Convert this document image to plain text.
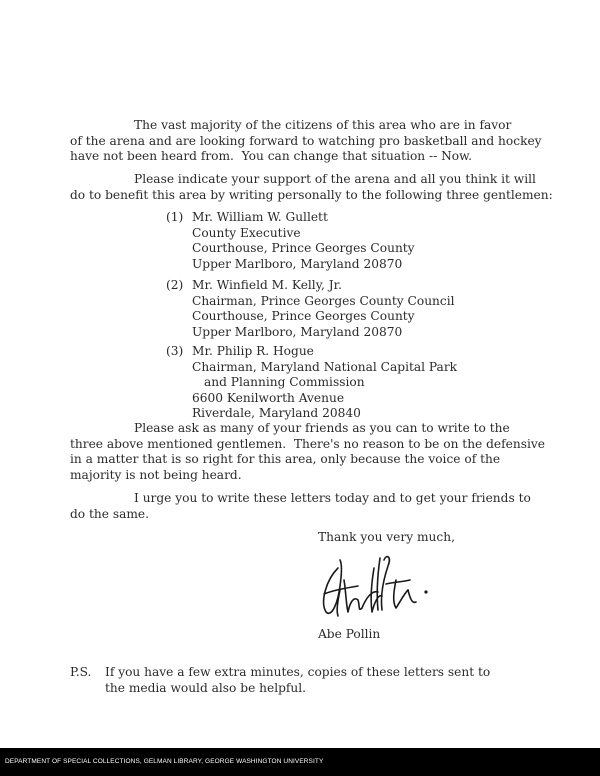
The vast majority of the citizens of this area who are in favor
of the arena and are looking forward to watching pro basketball and hockey
have not been heard from.  You can change that situation -- Now.
Please indicate your support of the arena and all you think it will
do to benefit this area by writing personally to the following three gentlemen:
(1) Mr. William W. Gullett
County Executive
Courthouse, Prince Georges County
Upper Marlboro, Maryland 20870
(2) Mr. Winfield M. Kelly, Jr.
Chairman, Prince Georges County Council
Courthouse, Prince Georges County
Upper Marlboro, Maryland 20870
(3) Mr. Philip R. Hogue
Chairman, Maryland National Capital Park
and Planning Commission
6600 Kenilworth Avenue
Riverdale, Maryland 20840
Please ask as many of your friends as you can to write to the
three above mentioned gentlemen.  There's no reason to be on the defensive
in a matter that is so right for this area, only because the voice of the
majority is not being heard.
I urge you to write these letters today and to get your friends to
do the same.
Thank you very much,
Abe Pollin
P.S. If you have a few extra minutes, copies of these letters sent to
the media would also be helpful.
DEPARTMENT OF SPECIAL COLLECTIONS, GELMAN LIBRARY, GEORGE WASHINGTON UNIVERSITY
